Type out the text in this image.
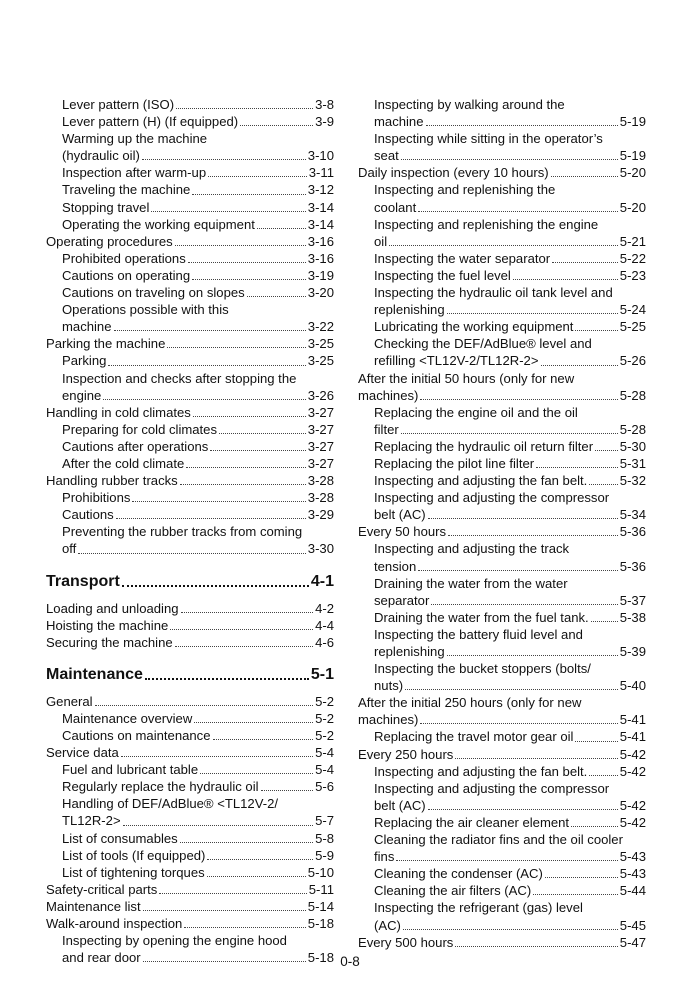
Lever pattern (ISO)	3-8
Lever pattern (H) (If equipped)	3-9
Warming up the machine
(hydraulic oil)	3-10
Inspection after warm-up	3-11
Traveling the machine	3-12
Stopping travel	3-14
Operating the working equipment	3-14
Operating procedures	3-16
Prohibited operations	3-16
Cautions on operating	3-19
Cautions on traveling on slopes	3-20
Operations possible with this
machine	3-22
Parking the machine	3-25
Parking	3-25
Inspection and checks after stopping the
engine	3-26
Handling in cold climates	3-27
Preparing for cold climates	3-27
Cautions after operations	3-27
After the cold climate	3-27
Handling rubber tracks	3-28
Prohibitions	3-28
Cautions	3-29
Preventing the rubber tracks from coming
off	3-30
Transport	4-1
Loading and unloading	4-2
Hoisting the machine	4-4
Securing the machine	4-6
Maintenance	5-1
General	5-2
Maintenance overview	5-2
Cautions on maintenance	5-2
Service data	5-4
Fuel and lubricant table	5-4
Regularly replace the hydraulic oil	5-6
Handling of DEF/AdBlue® <TL12V-2/
TL12R-2>	5-7
List of consumables	5-8
List of tools (If equipped)	5-9
List of tightening torques	5-10
Safety-critical parts	5-11
Maintenance list	5-14
Walk-around inspection	5-18
Inspecting by opening the engine hood
and rear door	5-18
Inspecting by walking around the
machine	5-19
Inspecting while sitting in the operator’s
seat	5-19
Daily inspection (every 10 hours)	5-20
Inspecting and replenishing the
coolant	5-20
Inspecting and replenishing the engine
oil	5-21
Inspecting the water separator	5-22
Inspecting the fuel level	5-23
Inspecting the hydraulic oil tank level and
replenishing	5-24
Lubricating the working equipment	5-25
Checking the DEF/AdBlue® level and
refilling <TL12V-2/TL12R-2>	5-26
After the initial 50 hours (only for new
machines)	5-28
Replacing the engine oil and the oil
filter	5-28
Replacing the hydraulic oil return filter 5-30
Replacing the pilot line filter	5-31
Inspecting and adjusting the fan belt. 5-32
Inspecting and adjusting the compressor
belt (AC)	5-34
Every 50 hours	5-36
Inspecting and adjusting the track
tension	5-36
Draining the water from the water
separator	5-37
Draining the water from the fuel tank. 5-38
Inspecting the battery fluid level and
replenishing	5-39
Inspecting the bucket stoppers (bolts/
nuts)	5-40
After the initial 250 hours (only for new
machines)	5-41
Replacing the travel motor gear oil	5-41
Every 250 hours	5-42
Inspecting and adjusting the fan belt. 5-42
Inspecting and adjusting the compressor
belt (AC)	5-42
Replacing the air cleaner element	5-42
Cleaning the radiator fins and the oil cooler
fins	5-43
Cleaning the condenser (AC)	5-43
Cleaning the air filters (AC)	5-44
Inspecting the refrigerant (gas) level
(AC)	5-45
Every 500 hours	5-47
0-8
